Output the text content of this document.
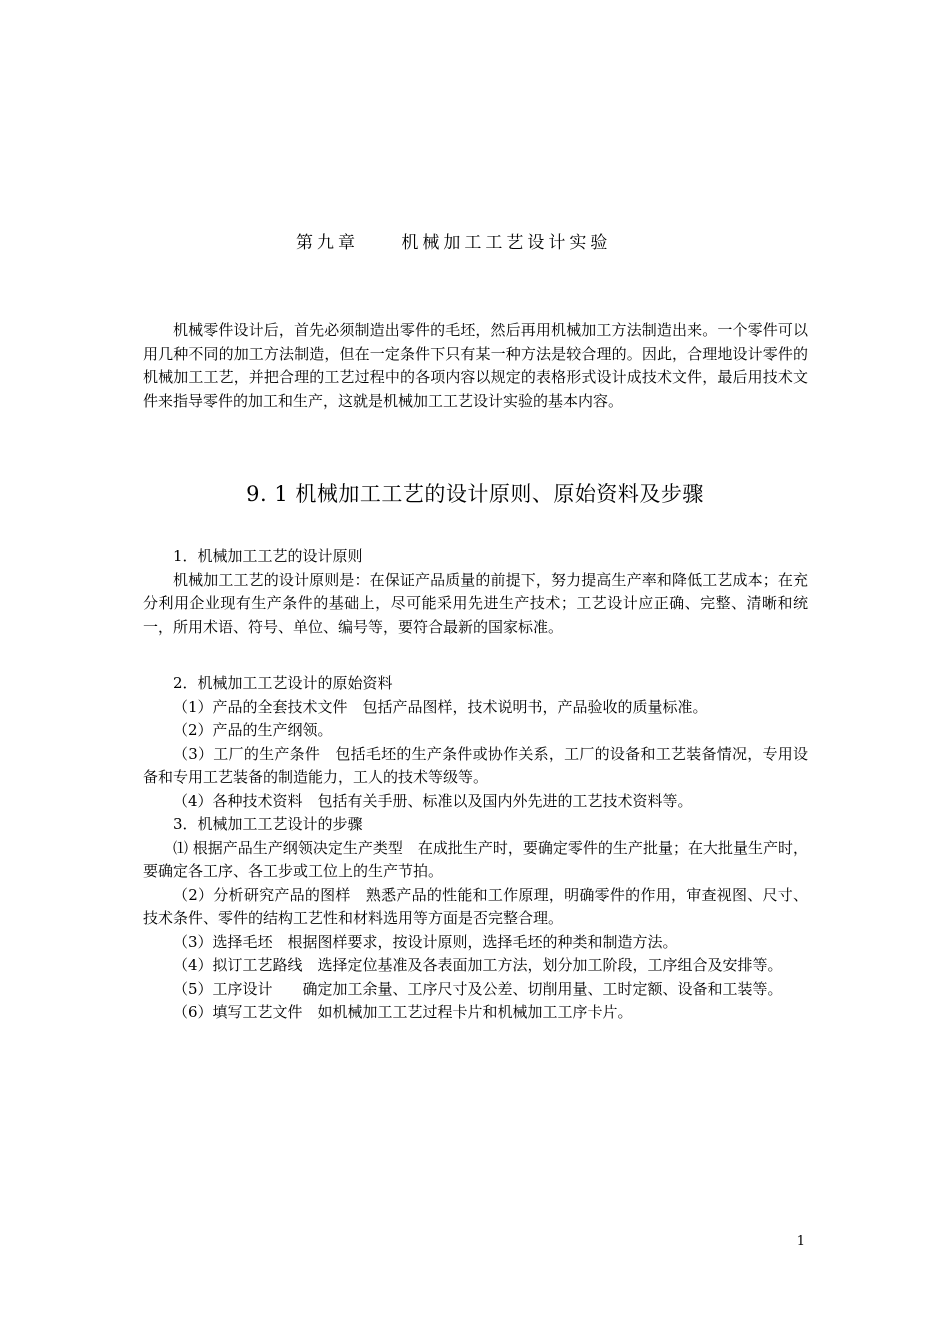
第九章 机械加工工艺设计实验

机械零件设计后，首先必须制造出零件的毛坯，然后再用机械加工方法制造出来。一个零件可以用几种不同的加工方法制造，但在一定条件下只有某一种方法是较合理的。因此，合理地设计零件的机械加工工艺，并把合理的工艺过程中的各项内容以规定的表格形式设计成技术文件，最后用技术文件来指导零件的加工和生产，这就是机械加工工艺设计实验的基本内容。

9. 1 机械加工工艺的设计原则、原始资料及步骤

1．机械加工工艺的设计原则

机械加工工艺的设计原则是：在保证产品质量的前提下，努力提高生产率和降低工艺成本；在充分利用企业现有生产条件的基础上，尽可能采用先进生产技术；工艺设计应正确、完整、清晰和统一，所用术语、符号、单位、编号等，要符合最新的国家标准。

2．机械加工工艺设计的原始资料

（1）产品的全套技术文件　包括产品图样，技术说明书，产品验收的质量标准。

（2）产品的生产纲领。

（3）工厂的生产条件　包括毛坯的生产条件或协作关系，工厂的设备和工艺装备情况，专用设备和专用工艺装备的制造能力，工人的技术等级等。

（4）各种技术资料　包括有关手册、标准以及国内外先进的工艺技术资料等。

3．机械加工工艺设计的步骤

⑴ 根据产品生产纲领决定生产类型　在成批生产时，要确定零件的生产批量；在大批量生产时，要确定各工序、各工步或工位上的生产节拍。

（2）分析研究产品的图样　熟悉产品的性能和工作原理，明确零件的作用，审查视图、尺寸、技术条件、零件的结构工艺性和材料选用等方面是否完整合理。

（3）选择毛坯　根据图样要求，按设计原则，选择毛坯的种类和制造方法。

（4）拟订工艺路线　选择定位基准及各表面加工方法，划分加工阶段，工序组合及安排等。

（5）工序设计　　确定加工余量、工序尺寸及公差、切削用量、工时定额、设备和工装等。

（6）填写工艺文件　如机械加工工艺过程卡片和机械加工工序卡片。

1
